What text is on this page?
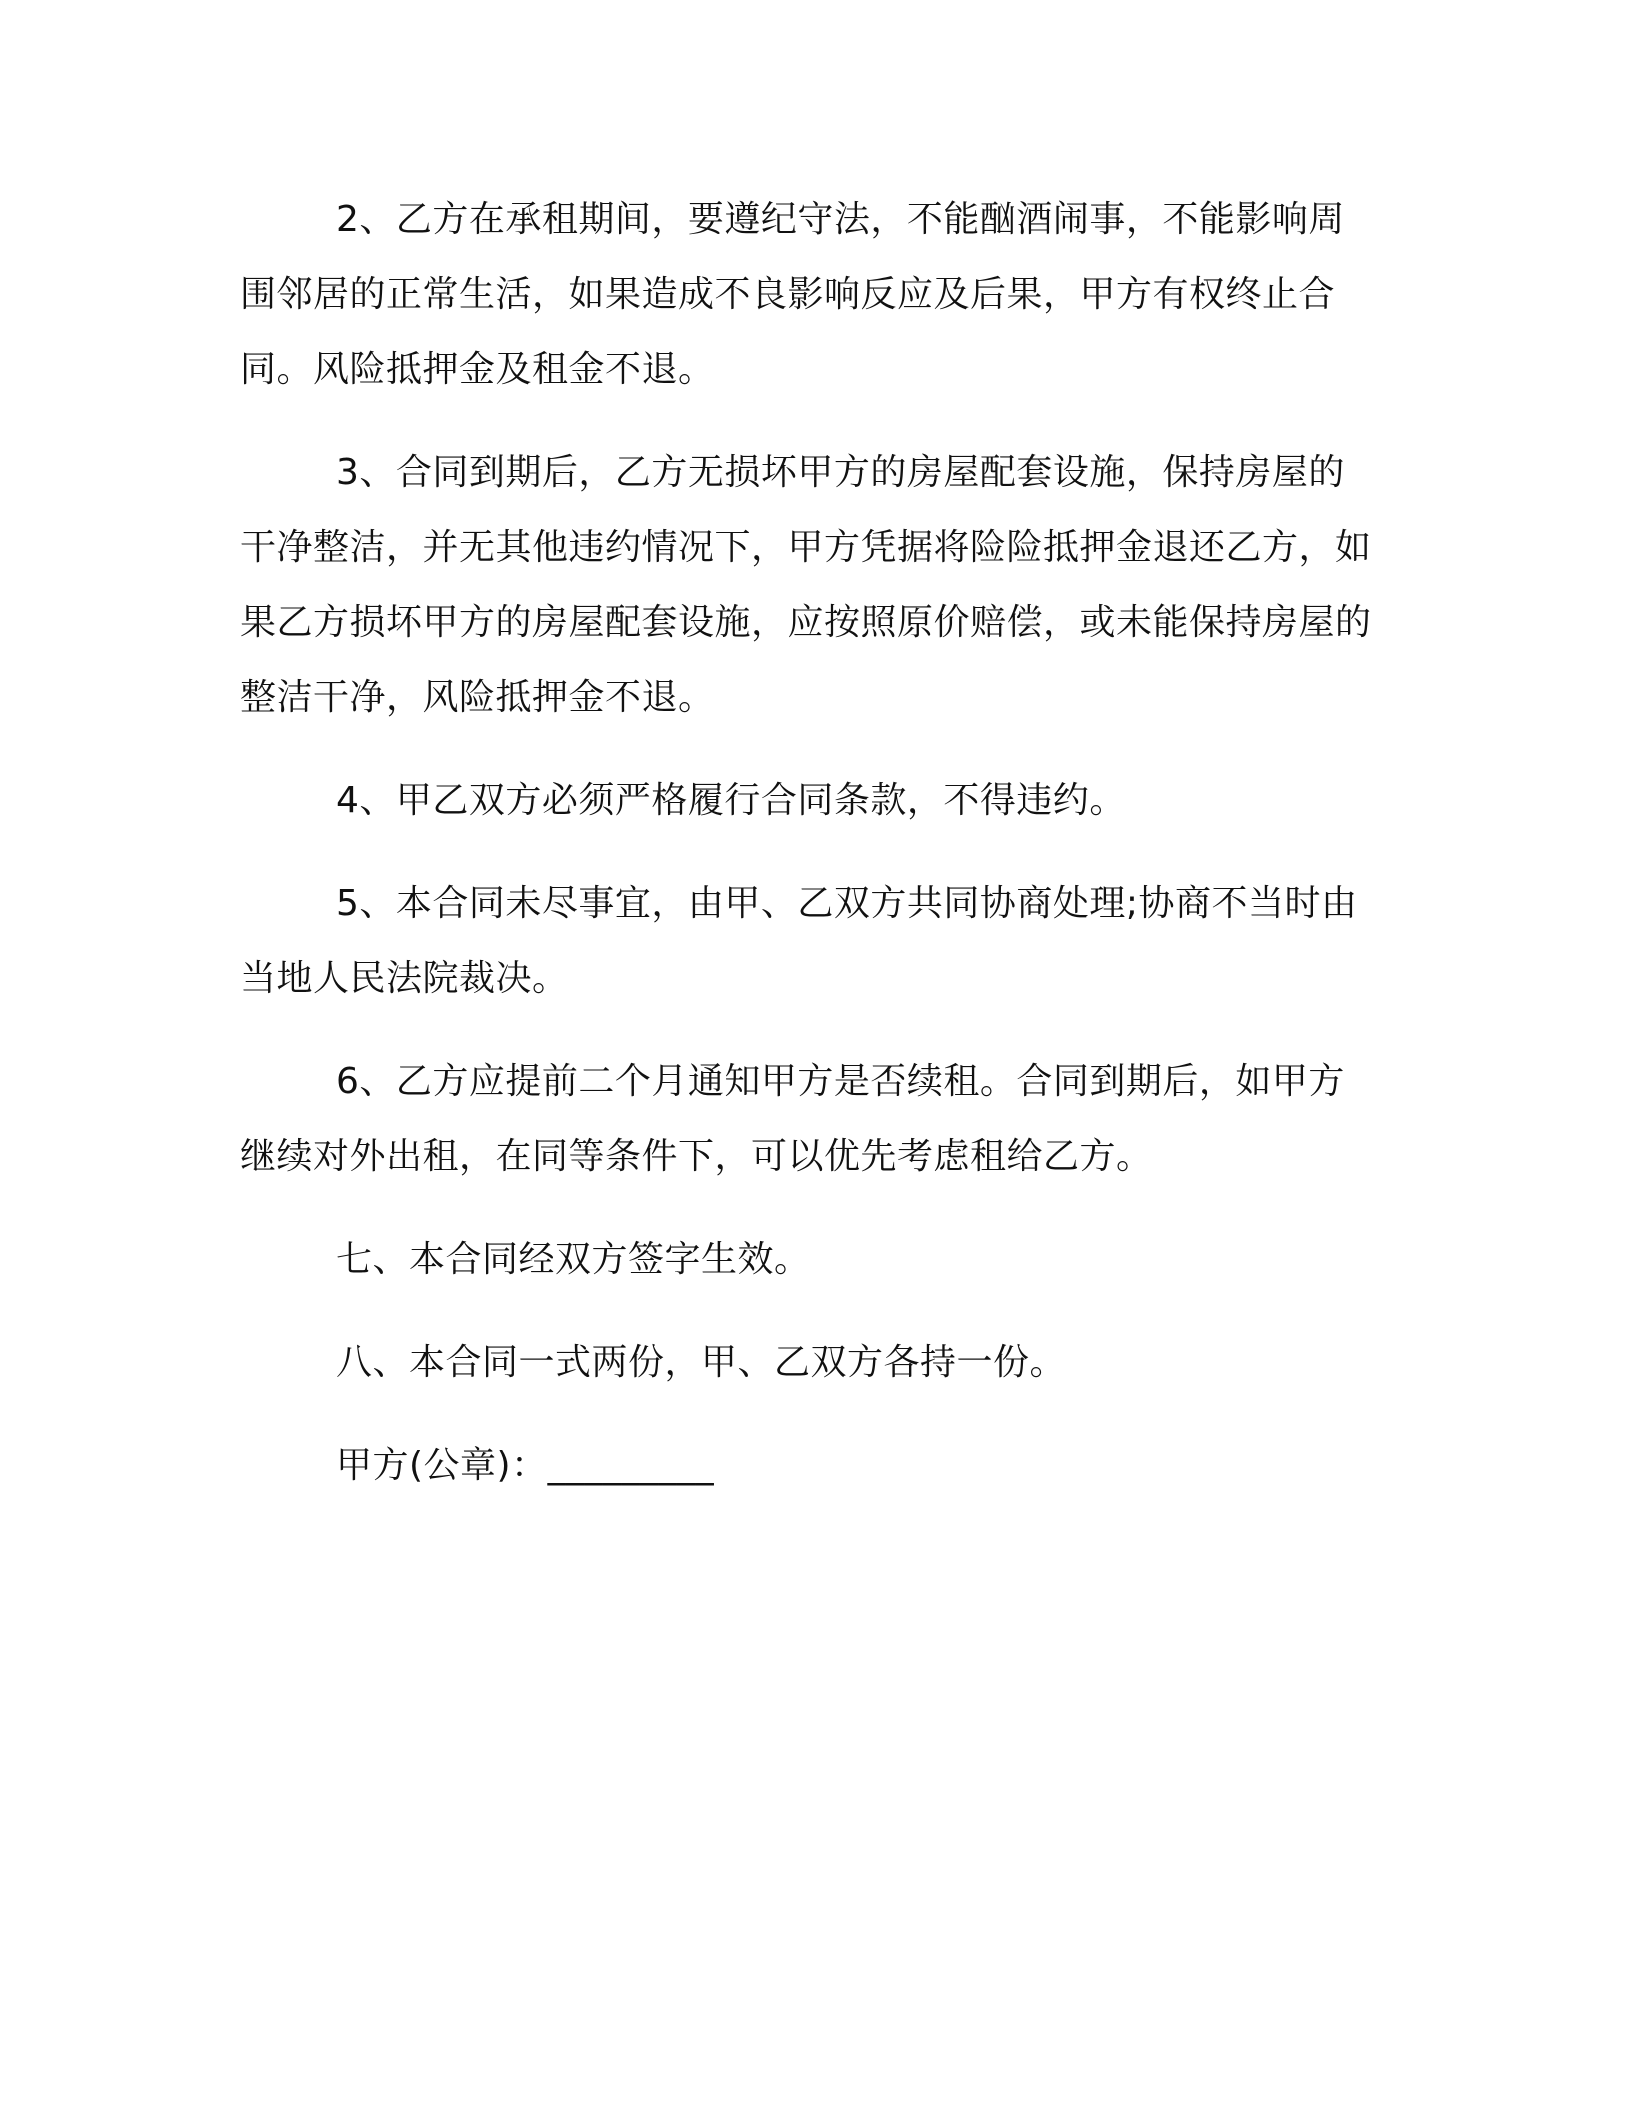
2、乙方在承租期间，要遵纪守法，不能酗酒闹事，不能影响周围邻居的正常生活，如果造成不良影响反应及后果，甲方有权终止合同。风险抵押金及租金不退。

3、合同到期后，乙方无损坏甲方的房屋配套设施，保持房屋的干净整洁，并无其他违约情况下，甲方凭据将险险抵押金退还乙方，如果乙方损坏甲方的房屋配套设施，应按照原价赔偿，或未能保持房屋的整洁干净，风险抵押金不退。

4、甲乙双方必须严格履行合同条款，不得违约。

5、本合同未尽事宜，由甲、乙双方共同协商处理;协商不当时由当地人民法院裁决。

6、乙方应提前二个月通知甲方是否续租。合同到期后，如甲方继续对外出租，在同等条件下，可以优先考虑租给乙方。

七、本合同经双方签字生效。

八、本合同一式两份，甲、乙双方各持一份。

甲方(公章)：_________
